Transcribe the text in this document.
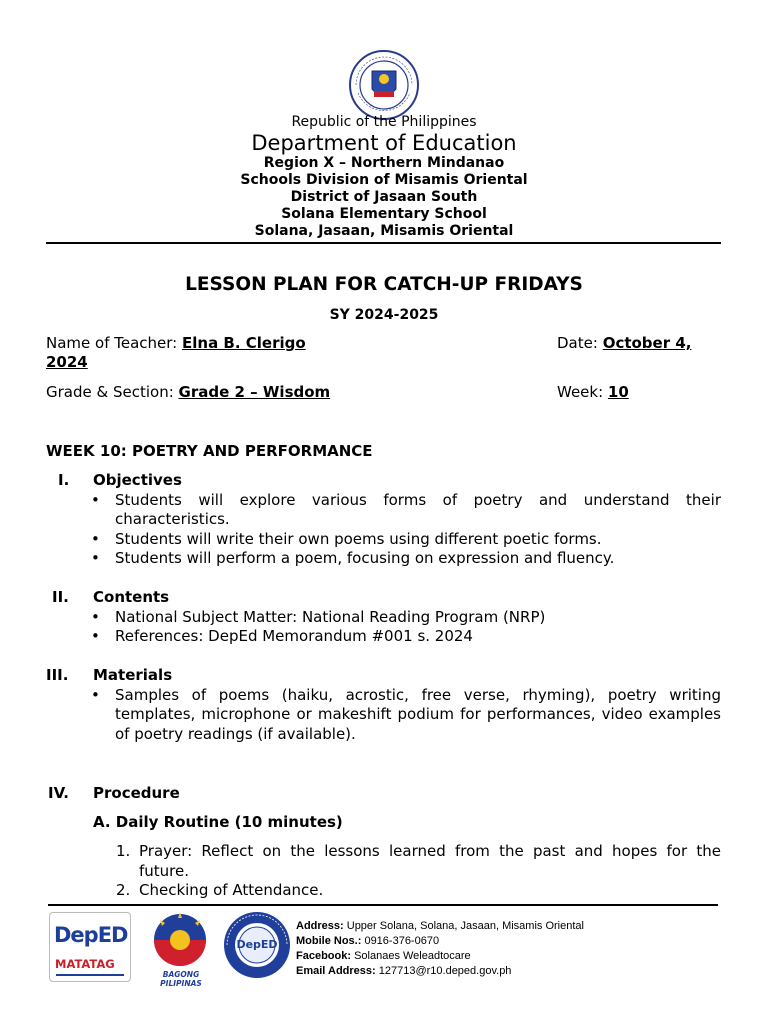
Republic of the Philippines
Department of Education
Region X – Northern Mindanao
Schools Division of Misamis Oriental
District of Jasaan South
Solana Elementary School
Solana, Jasaan, Misamis Oriental
LESSON PLAN FOR CATCH-UP FRIDAYS
SY 2024-2025
Name of Teacher: Elna B. Clerigo	Date: October 4,
2024
Grade & Section: Grade 2 – Wisdom	Week: 10
WEEK 10: POETRY AND PERFORMANCE
I. Objectives
• Students will explore various forms of poetry and understand their characteristics.
• Students will write their own poems using different poetic forms.
• Students will perform a poem, focusing on expression and fluency.
II. Contents
• National Subject Matter: National Reading Program (NRP)
• References: DepEd Memorandum #001 s. 2024
III. Materials
• Samples of poems (haiku, acrostic, free verse, rhyming), poetry writing templates, microphone or makeshift podium for performances, video examples of poetry readings (if available).
IV. Procedure
A. Daily Routine (10 minutes)
1. Prayer: Reflect on the lessons learned from the past and hopes for the future.
2. Checking of Attendance.
DepED
MATATAG
BAGONG PILIPINAS
DepED
Address: Upper Solana, Solana, Jasaan, Misamis Oriental
Mobile Nos.: 0916-376-0670
Facebook: Solanaes Weleadtocare
Email Address: 127713@r10.deped.gov.ph
